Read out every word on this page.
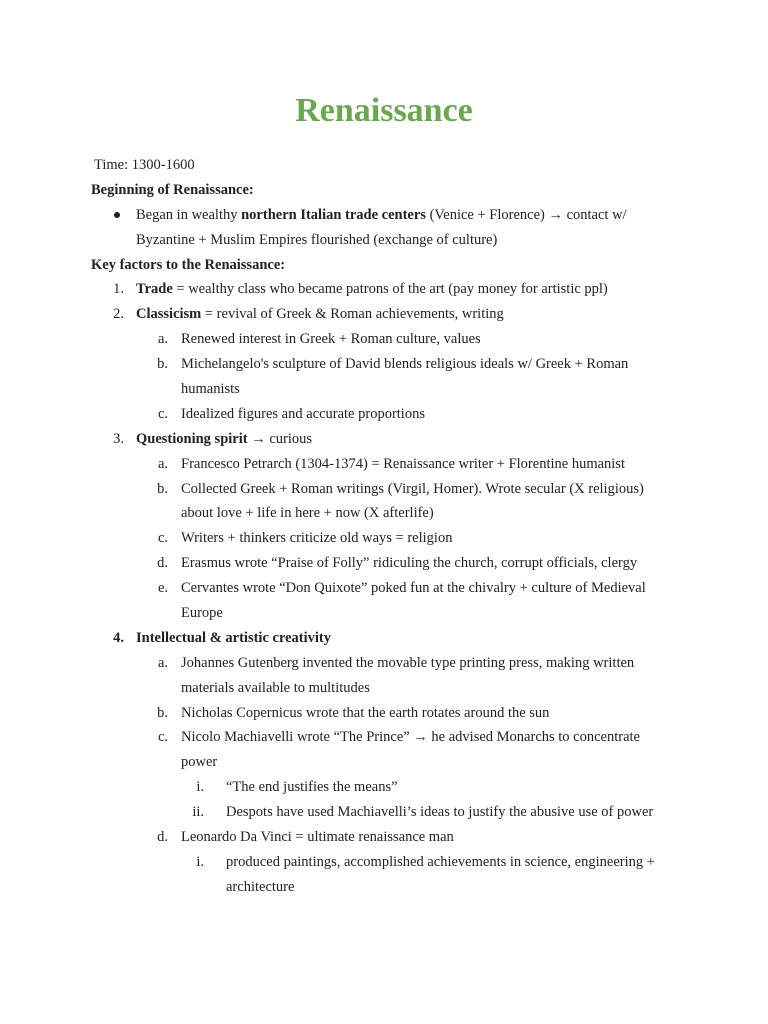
Renaissance
Time: 1300-1600
Beginning of Renaissance:
Began in wealthy northern Italian trade centers (Venice + Florence) → contact w/
Byzantine + Muslim Empires flourished (exchange of culture)
Key factors to the Renaissance:
1. Trade = wealthy class who became patrons of the art (pay money for artistic ppl)
2. Classicism = revival of Greek & Roman achievements, writing
a. Renewed interest in Greek + Roman culture, values
b. Michelangelo's sculpture of David blends religious ideals w/ Greek + Roman
humanists
c. Idealized figures and accurate proportions
3. Questioning spirit → curious
a. Francesco Petrarch (1304-1374) = Renaissance writer + Florentine humanist
b. Collected Greek + Roman writings (Virgil, Homer). Wrote secular (X religious)
about love + life in here + now (X afterlife)
c. Writers + thinkers criticize old ways = religion
d. Erasmus wrote “Praise of Folly” ridiculing the church, corrupt officials, clergy
e. Cervantes wrote “Don Quixote” poked fun at the chivalry + culture of Medieval
Europe
4. Intellectual & artistic creativity
a. Johannes Gutenberg invented the movable type printing press, making written
materials available to multitudes
b. Nicholas Copernicus wrote that the earth rotates around the sun
c. Nicolo Machiavelli wrote “The Prince” → he advised Monarchs to concentrate
power
i. “The end justifies the means”
ii. Despots have used Machiavelli’s ideas to justify the abusive use of power
d. Leonardo Da Vinci = ultimate renaissance man
i. produced paintings, accomplished achievements in science, engineering +
architecture
